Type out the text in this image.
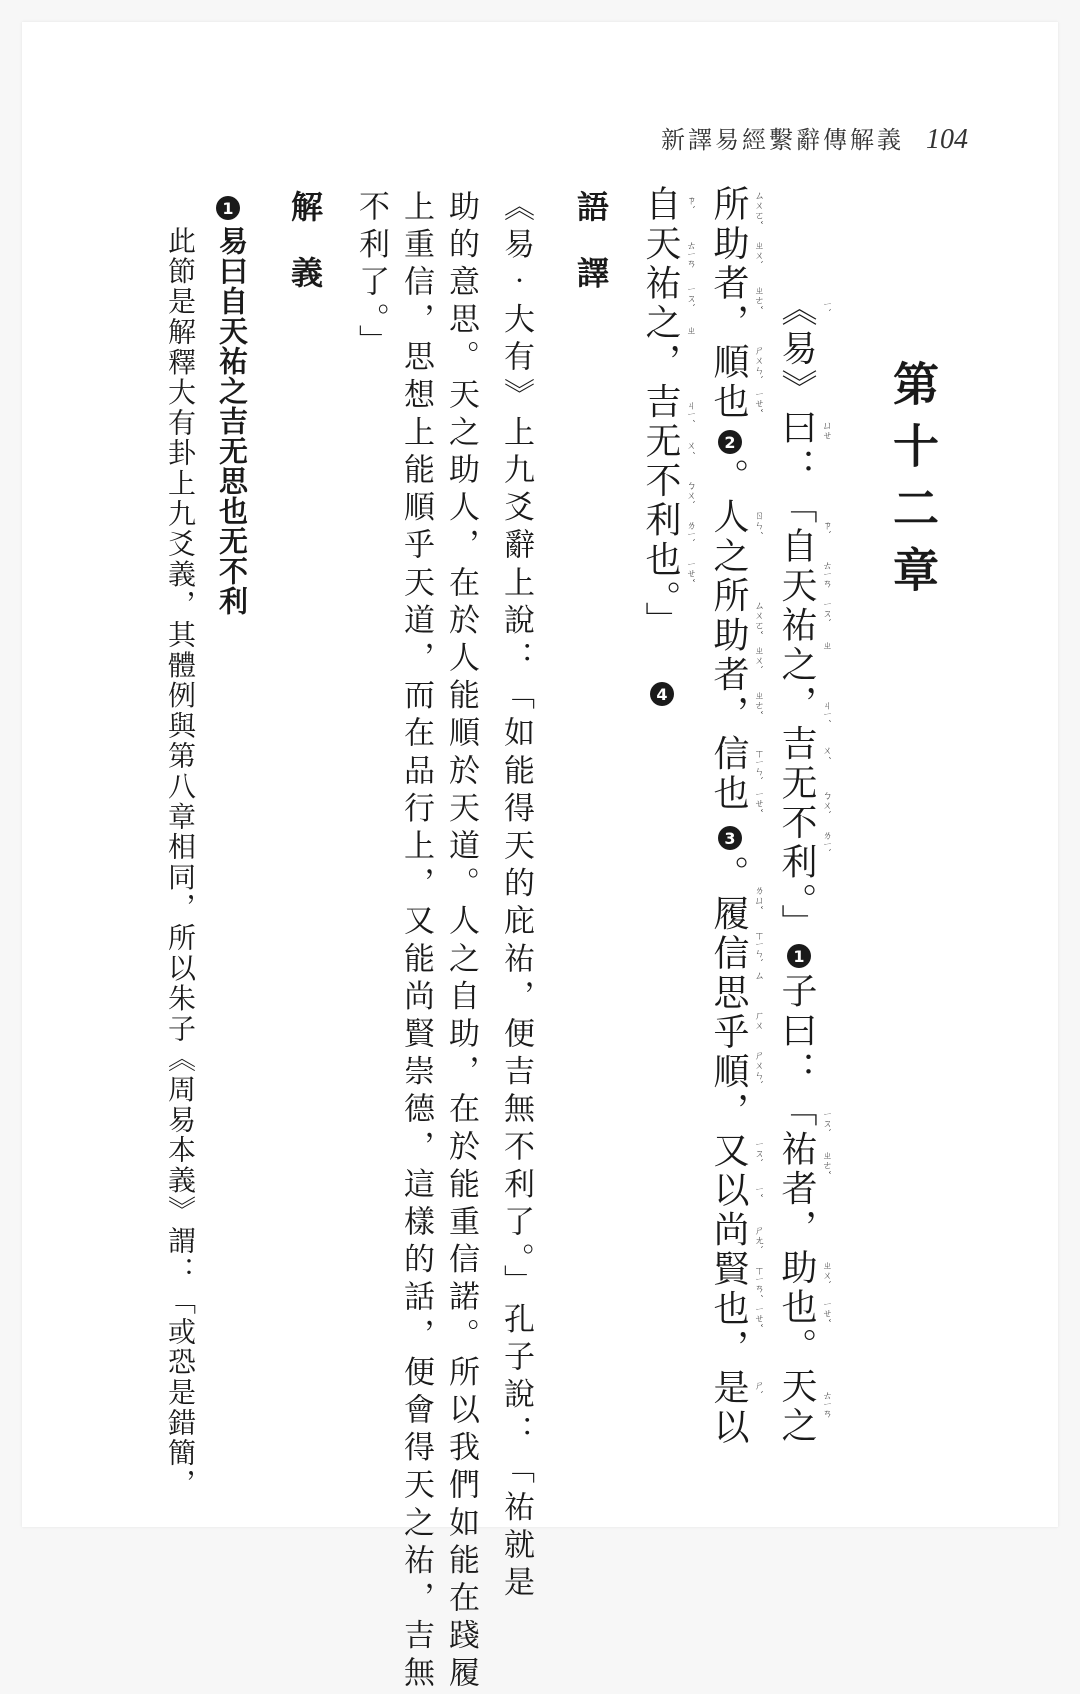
新譯易經繫辭傳解義 104
第十二章
《易》曰：「自天祐之，吉无不利。」
1
子曰：「祐者，助也。天之
所助者，順也
2
。人之所助者，信也
3
。履信思乎順，又以尚賢也，是以
自天祐之，吉无不利也。」
4
ㄧˋ
ㄩㄝ
ㄗˋ
ㄊㄧㄢ
ㄧㄡˋ
ㄓ
ㄐㄧˊ
ㄨˊ
ㄅㄨˋ
ㄌㄧˋ
ㄧㄡˋ
ㄓㄜˇ
ㄓㄨˋ
ㄧㄝˇ
ㄊㄧㄢ
ㄙㄨㄛˇ
ㄓㄨˋ
ㄓㄜˇ
ㄕㄨㄣˋ
ㄧㄝˇ
ㄖㄣˊ
ㄙㄨㄛˇ
ㄓㄨˋ
ㄓㄜˇ
ㄒㄧㄣˋ
ㄧㄝˇ
ㄌㄩˇ
ㄒㄧㄣˋ
ㄙ
ㄏㄨ
ㄕㄨㄣˋ
ㄧㄡˋ
ㄧˇ
ㄕㄤˋ
ㄒㄧㄢˊ
ㄧㄝˇ
ㄕˋ
ㄗˋ
ㄊㄧㄢ
ㄧㄡˋ
ㄓ
ㄐㄧˊ
ㄨˊ
ㄅㄨˋ
ㄌㄧˋ
ㄧㄝˇ
語譯
《易‧大有》上九爻辭上說：「如能得天的庇祐，便吉無不利了。」孔子說：「祐就是
助的意思。天之助人，在於人能順於天道。人之自助，在於能重信諾。所以我們如能在踐履
上重信，思想上能順乎天道，而在品行上，又能尚賢崇德，這樣的話，便會得天之祐，吉無
不利了。」
解義
1
易曰自天祐之吉无思也无不利
此節是解釋大有卦上九爻義，其體例與第八章相同，所以朱子《周易本義》謂：「或恐是錯簡，
